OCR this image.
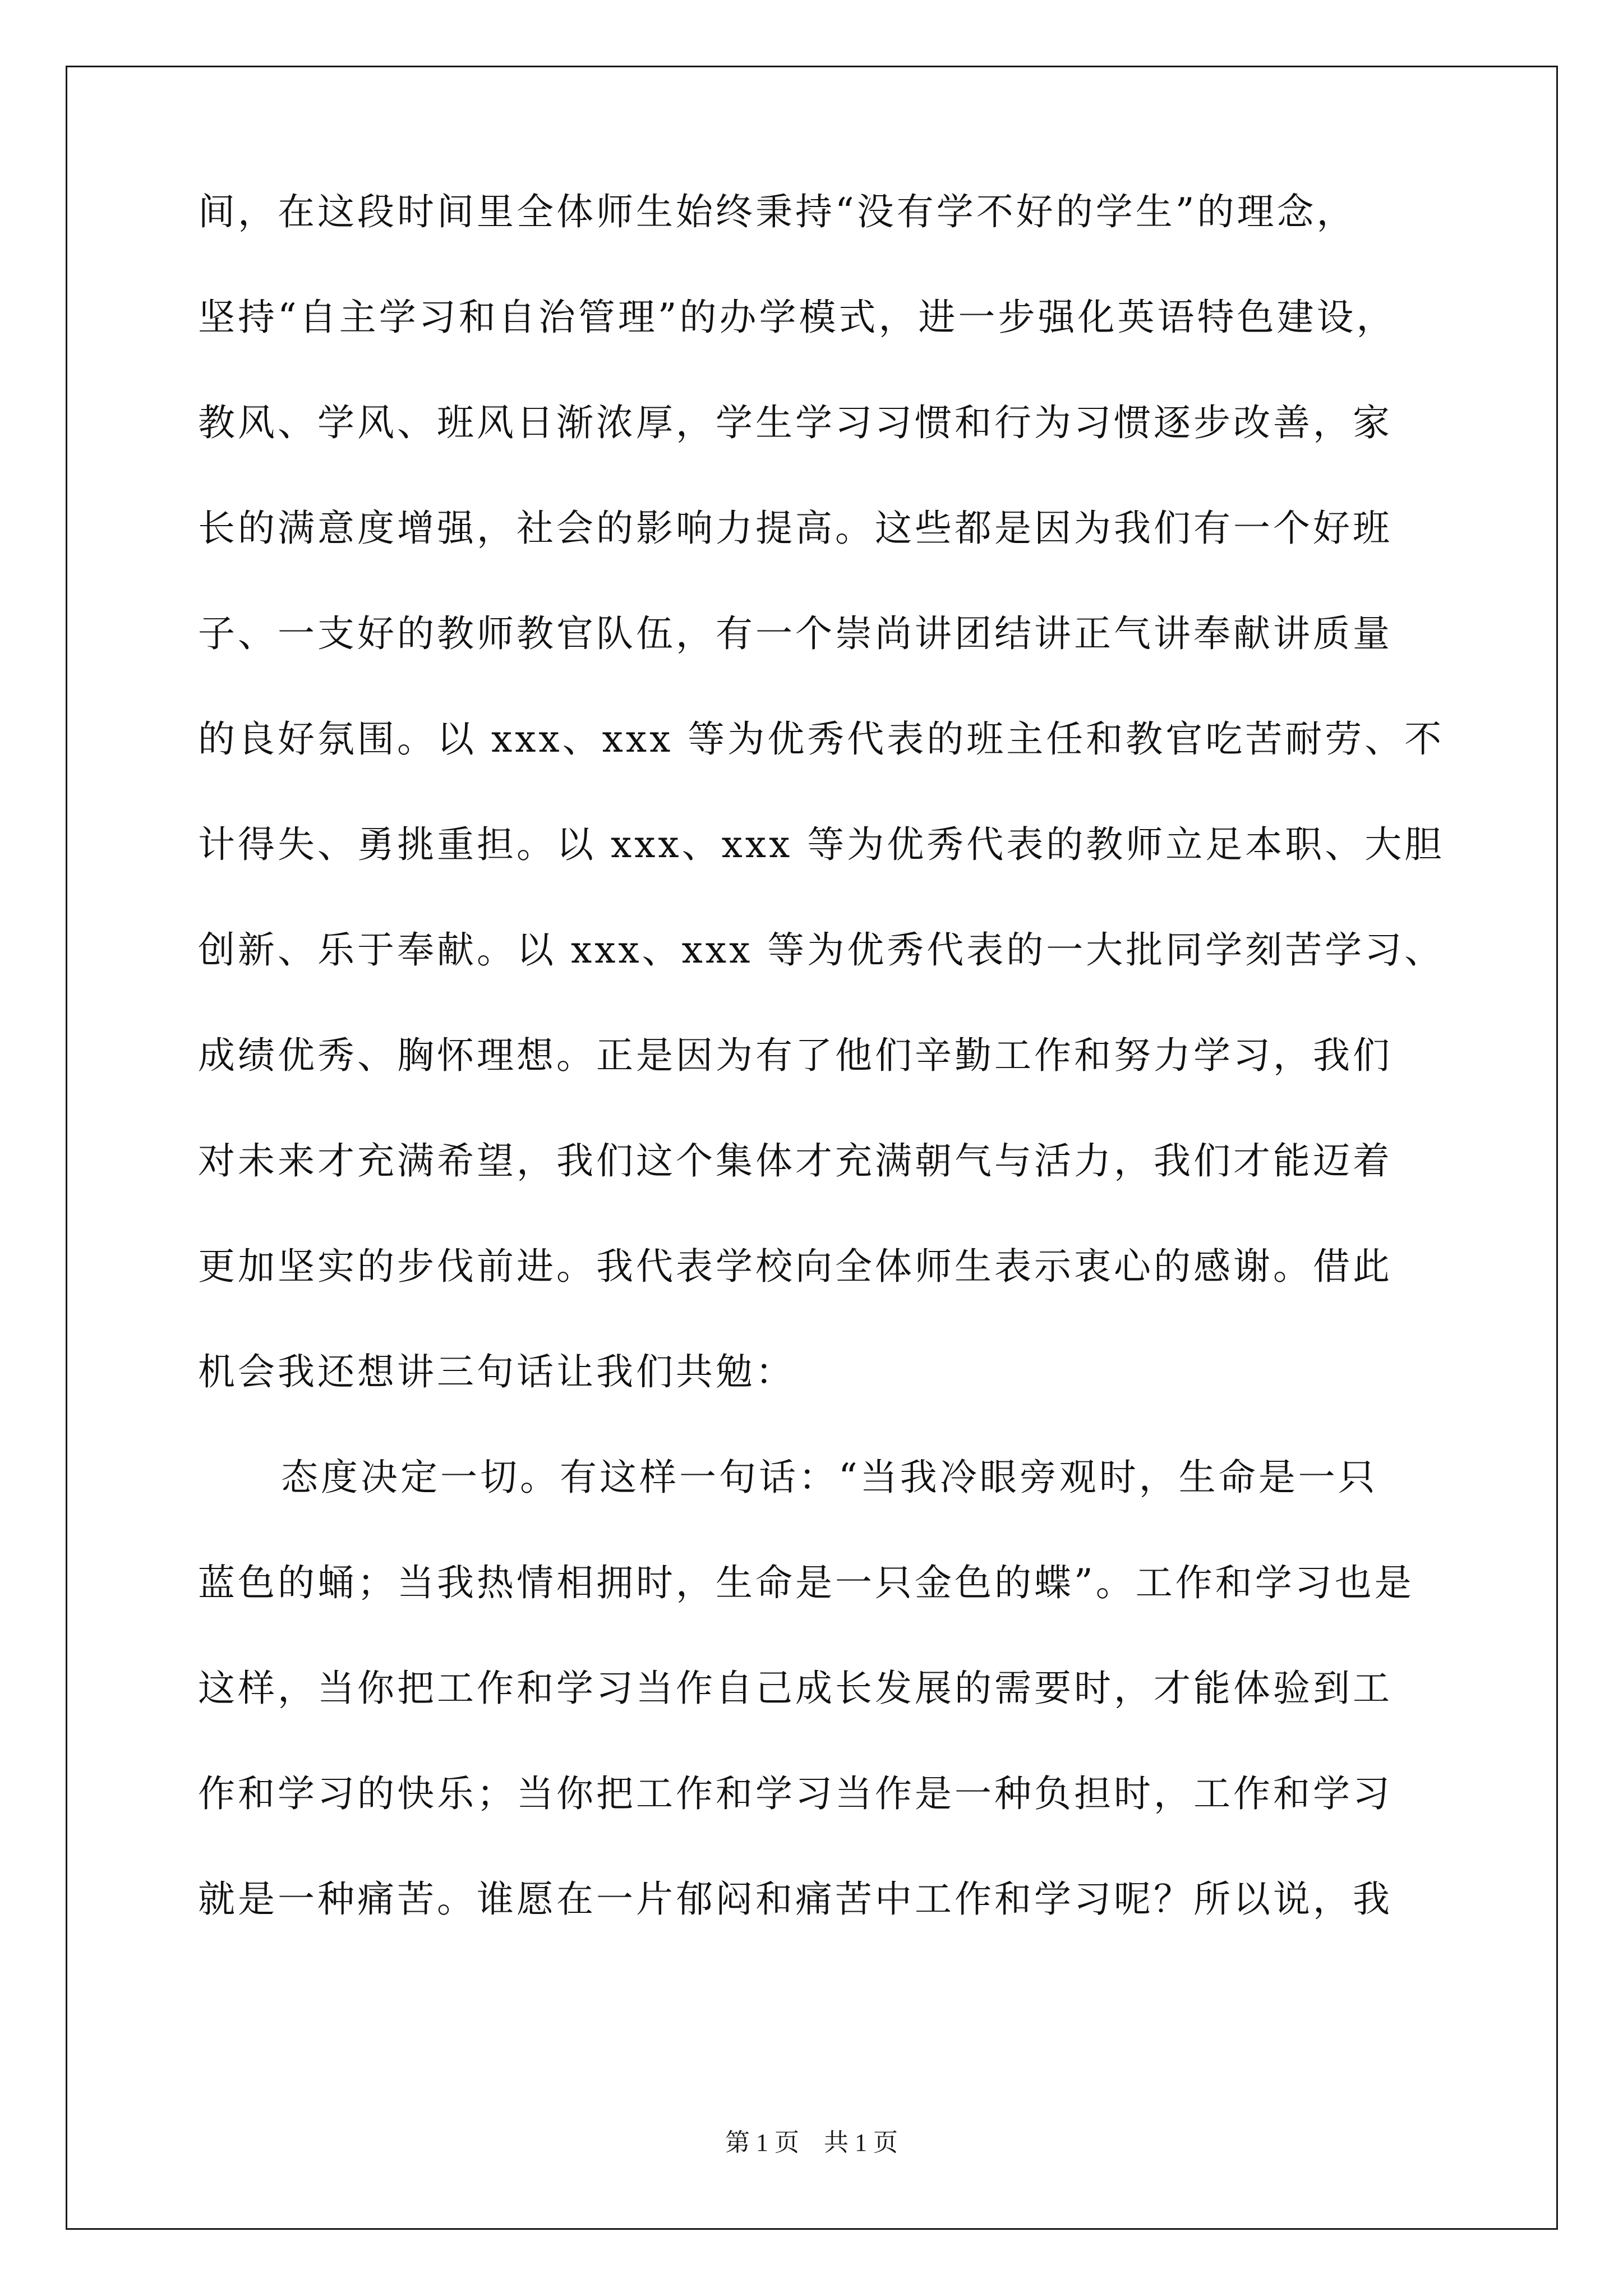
间，在这段时间里全体师生始终秉持“没有学不好的学生”的理念，
坚持“自主学习和自治管理”的办学模式，进一步强化英语特色建设，
教风、学风、班风日渐浓厚，学生学习习惯和行为习惯逐步改善，家
长的满意度增强，社会的影响力提高。这些都是因为我们有一个好班
子、一支好的教师教官队伍，有一个崇尚讲团结讲正气讲奉献讲质量
的良好氛围。以 xxx、xxx 等为优秀代表的班主任和教官吃苦耐劳、不
计得失、勇挑重担。以 xxx、xxx 等为优秀代表的教师立足本职、大胆
创新、乐于奉献。以 xxx、xxx 等为优秀代表的一大批同学刻苦学习、
成绩优秀、胸怀理想。正是因为有了他们辛勤工作和努力学习，我们
对未来才充满希望，我们这个集体才充满朝气与活力，我们才能迈着
更加坚实的步伐前进。我代表学校向全体师生表示衷心的感谢。借此
机会我还想讲三句话让我们共勉：
态度决定一切。有这样一句话：“当我冷眼旁观时，生命是一只
蓝色的蛹；当我热情相拥时，生命是一只金色的蝶”。工作和学习也是
这样，当你把工作和学习当作自己成长发展的需要时，才能体验到工
作和学习的快乐；当你把工作和学习当作是一种负担时，工作和学习
就是一种痛苦。谁愿在一片郁闷和痛苦中工作和学习呢？所以说，我
第 1 页 共 1 页
